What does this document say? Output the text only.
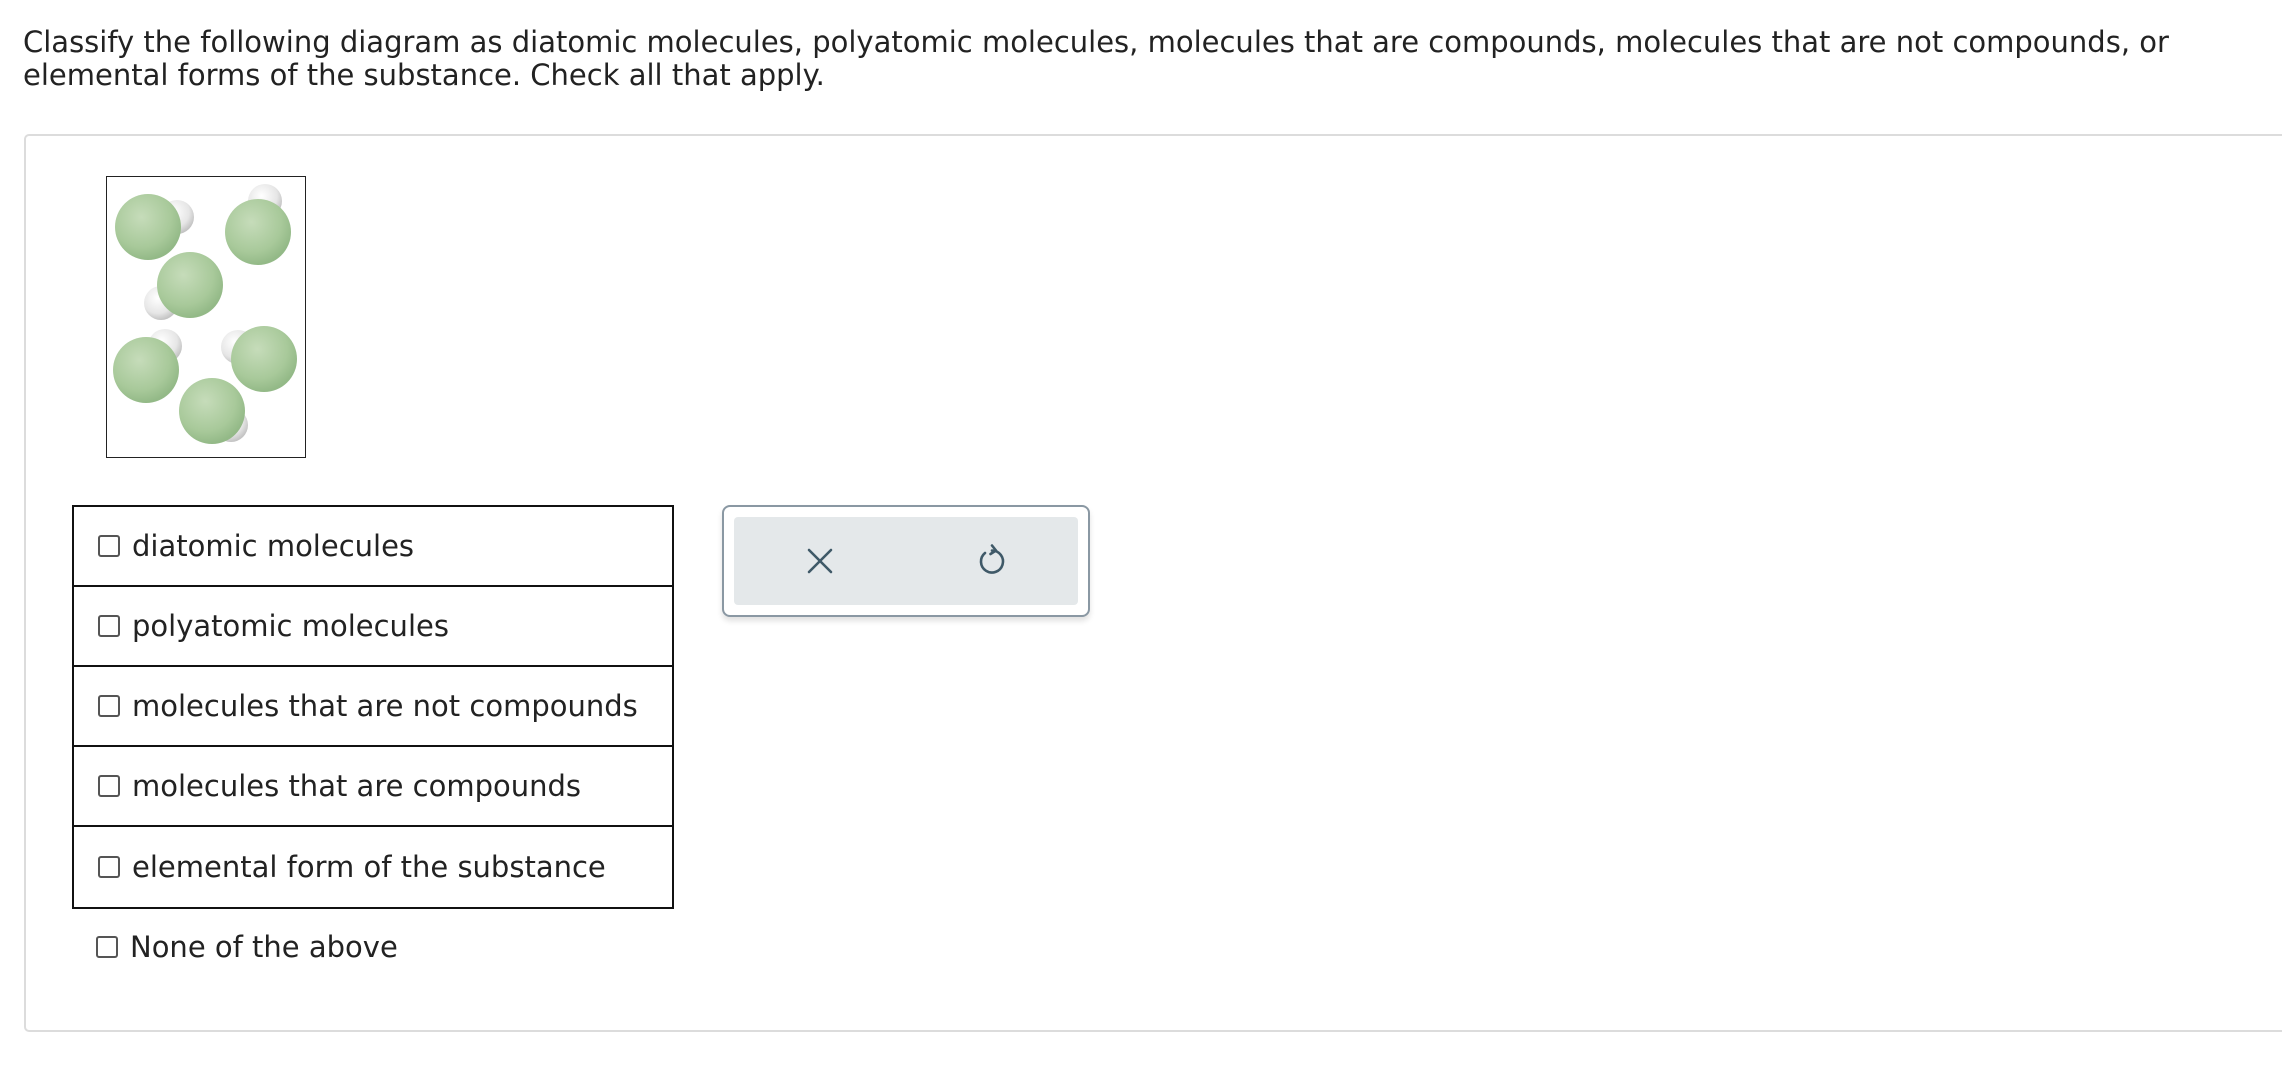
Classify the following diagram as diatomic molecules, polyatomic molecules, molecules that are compounds, molecules that are not compounds, or elemental forms of the substance. Check all that apply.
diatomic molecules
polyatomic molecules
molecules that are not compounds
molecules that are compounds
elemental form of the substance
None of the above
